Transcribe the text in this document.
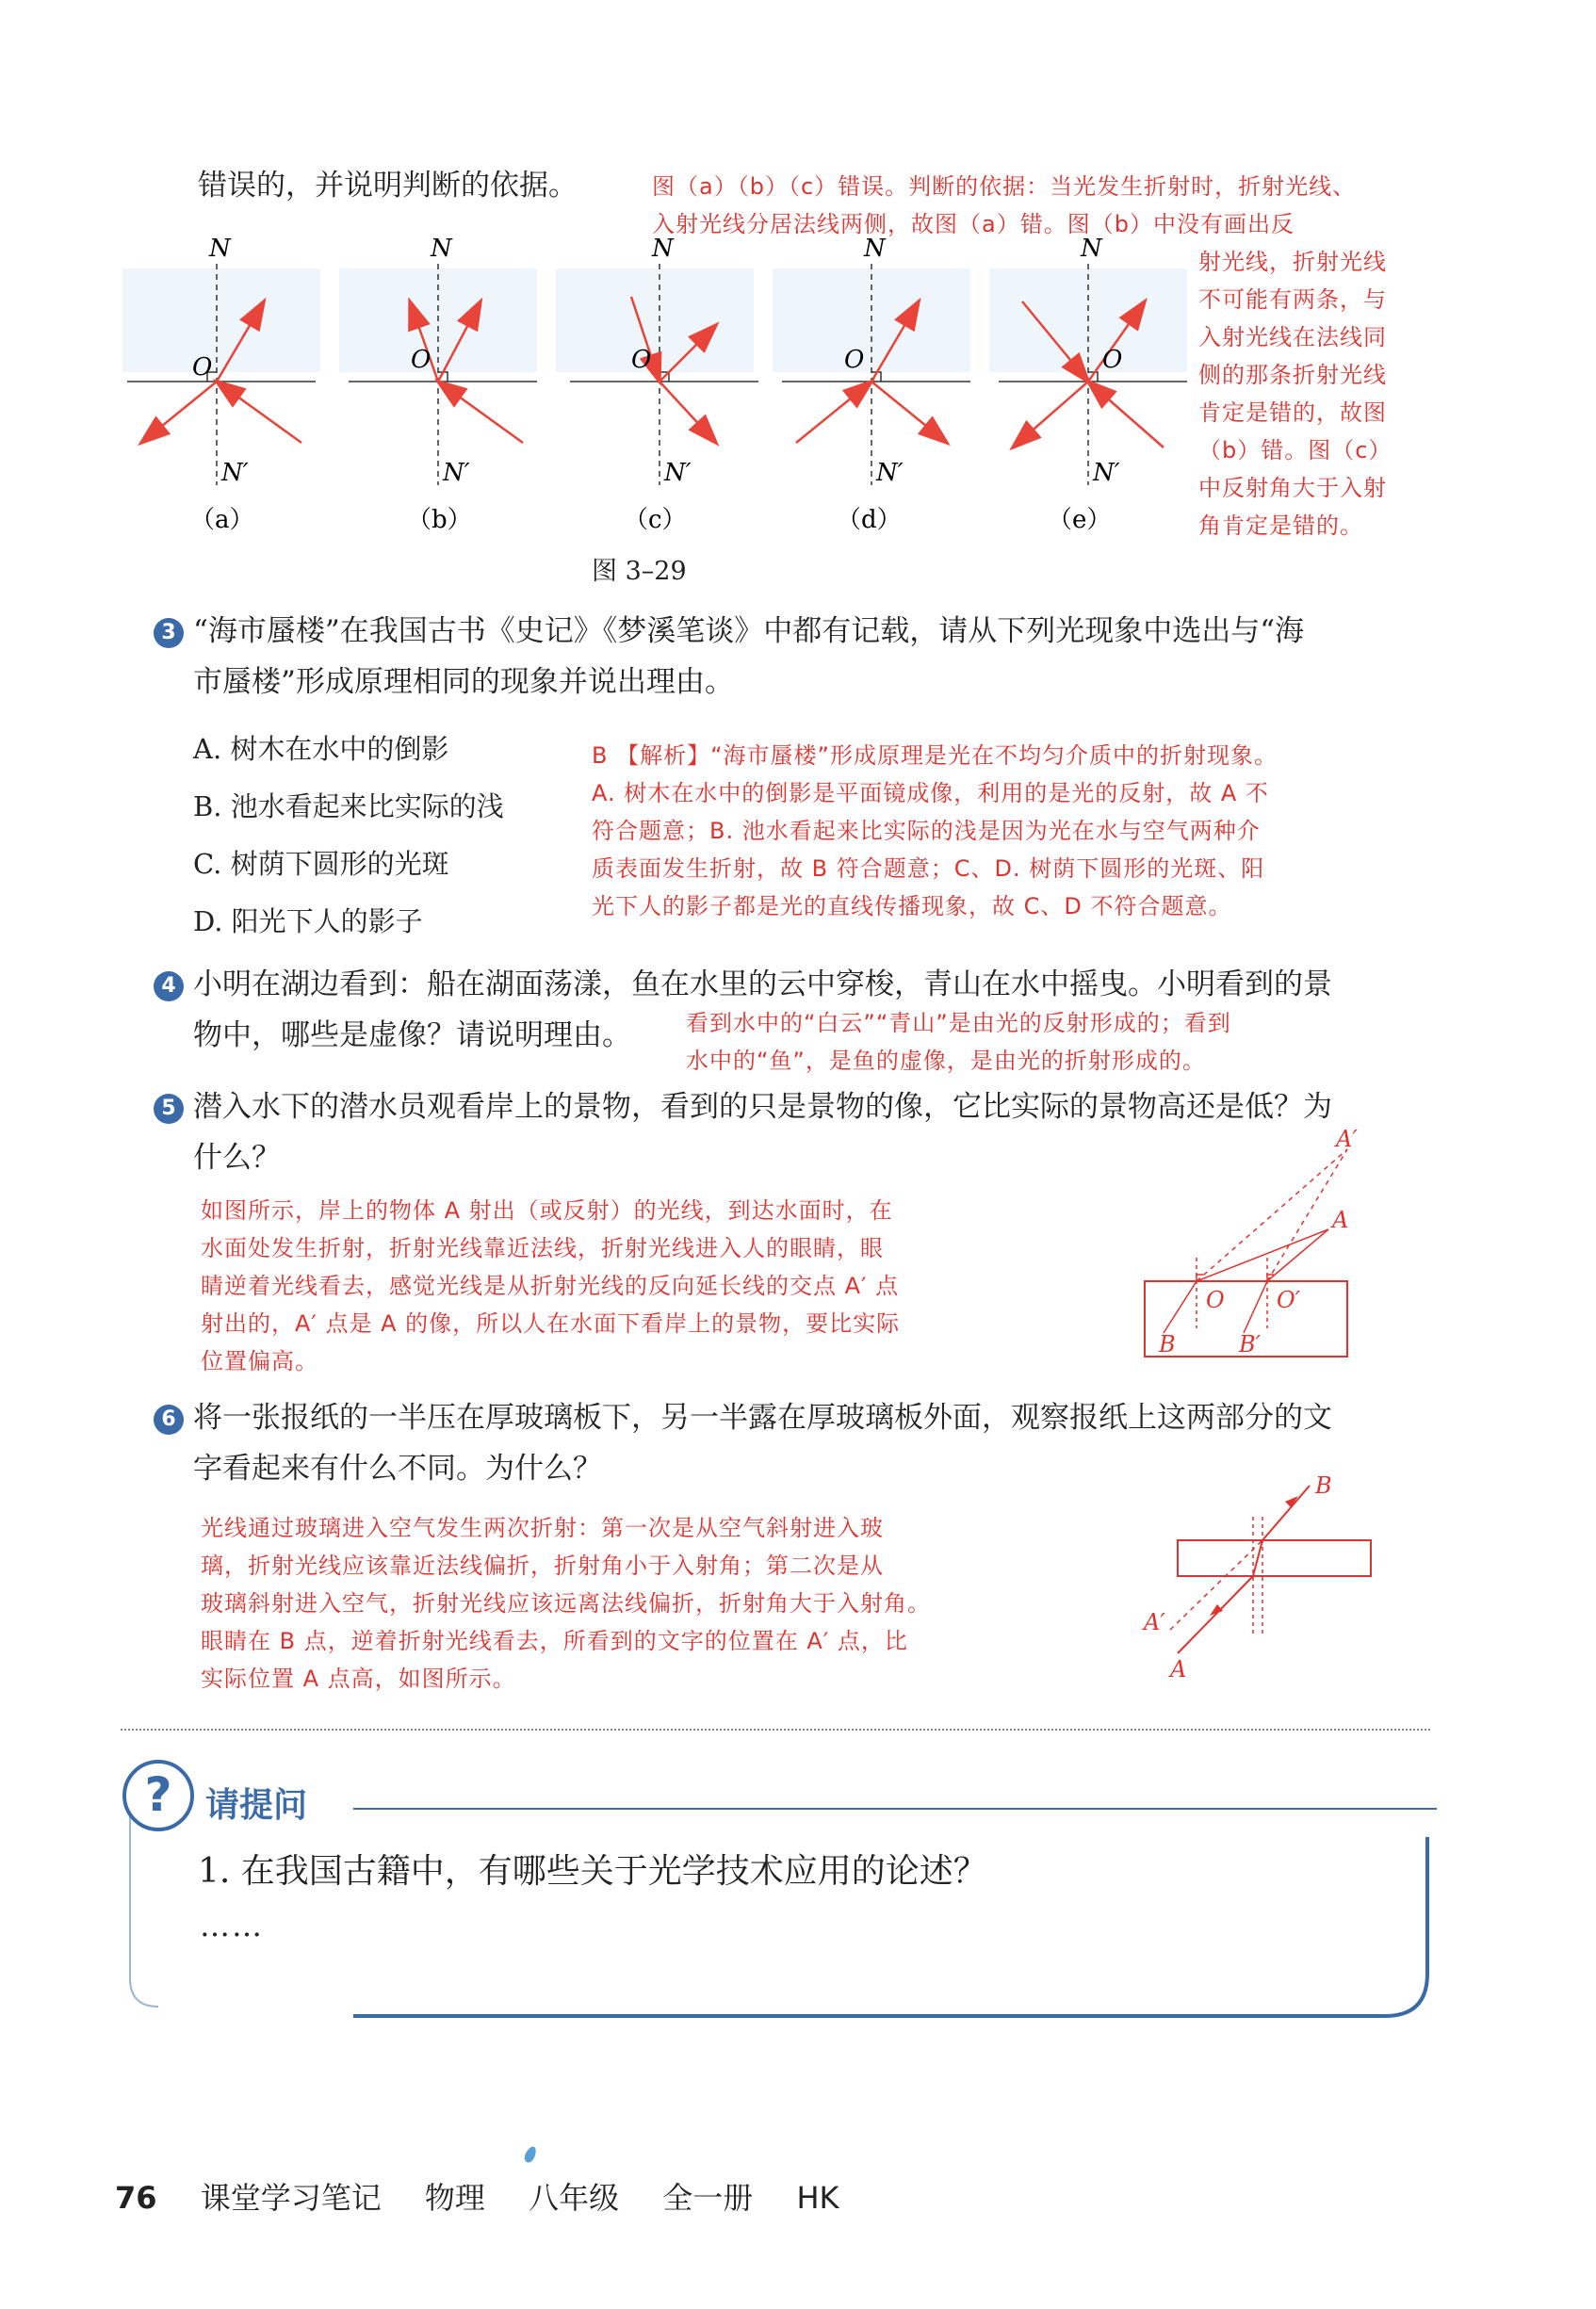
错误的，并说明判断的依据。	图（a）（b）（c）错误。判断的依据：当光发生折射时，折射光线、
入射光线分居法线两侧，故图（a）错。图（b）中没有画出反
射光线，折射光线
不可能有两条，与
入射光线在法线同
侧的那条折射光线
肯定是错的，故图
（b）错。图（c）
中反射角大于入射
角肯定是错的。
N
N′
O
（a）
N
N′
O
（b）
N
N′
O
（c）
N
N′
O
（d）
N
N′
O
（e）
图 3–29
3 “海市蜃楼”在我国古书《史记》《梦溪笔谈》中都有记载，请从下列光现象中选出与“海
市蜃楼”形成原理相同的现象并说出理由。
A. 树木在水中的倒影
B. 池水看起来比实际的浅
C. 树荫下圆形的光斑
D. 阳光下人的影子
B 【解析】“海市蜃楼”形成原理是光在不均匀介质中的折射现象。
A. 树木在水中的倒影是平面镜成像，利用的是光的反射，故 A 不
符合题意；B. 池水看起来比实际的浅是因为光在水与空气两种介
质表面发生折射，故 B 符合题意；C、D. 树荫下圆形的光斑、阳
光下人的影子都是光的直线传播现象，故 C、D 不符合题意。
4 小明在湖边看到：船在湖面荡漾，鱼在水里的云中穿梭，青山在水中摇曳。小明看到的景
物中，哪些是虚像？请说明理由。	看到水中的“白云”“青山”是由光的反射形成的；看到
水中的“鱼”，是鱼的虚像，是由光的折射形成的。
5 潜入水下的潜水员观看岸上的景物，看到的只是景物的像，它比实际的景物高还是低？为
什么？
如图所示，岸上的物体 A 射出（或反射）的光线，到达水面时，在
水面处发生折射，折射光线靠近法线，折射光线进入人的眼睛，眼
睛逆着光线看去，感觉光线是从折射光线的反向延长线的交点 A′ 点
射出的，A′ 点是 A 的像，所以人在水面下看岸上的景物，要比实际
位置偏高。
A′
A
O O′
B	B′
6 将一张报纸的一半压在厚玻璃板下，另一半露在厚玻璃板外面，观察报纸上这两部分的文
字看起来有什么不同。为什么？
光线通过玻璃进入空气发生两次折射：第一次是从空气斜射进入玻
璃，折射光线应该靠近法线偏折，折射角小于入射角；第二次是从
玻璃斜射进入空气，折射光线应该远离法线偏折，折射角大于入射角。
眼睛在 B 点，逆着折射光线看去，所看到的文字的位置在 A′ 点，比
实际位置 A 点高，如图所示。
B
A′
A
? 请提问
1. 在我国古籍中，有哪些关于光学技术应用的论述？
……
76 课堂学习笔记 物理 八年级 全一册 HK
